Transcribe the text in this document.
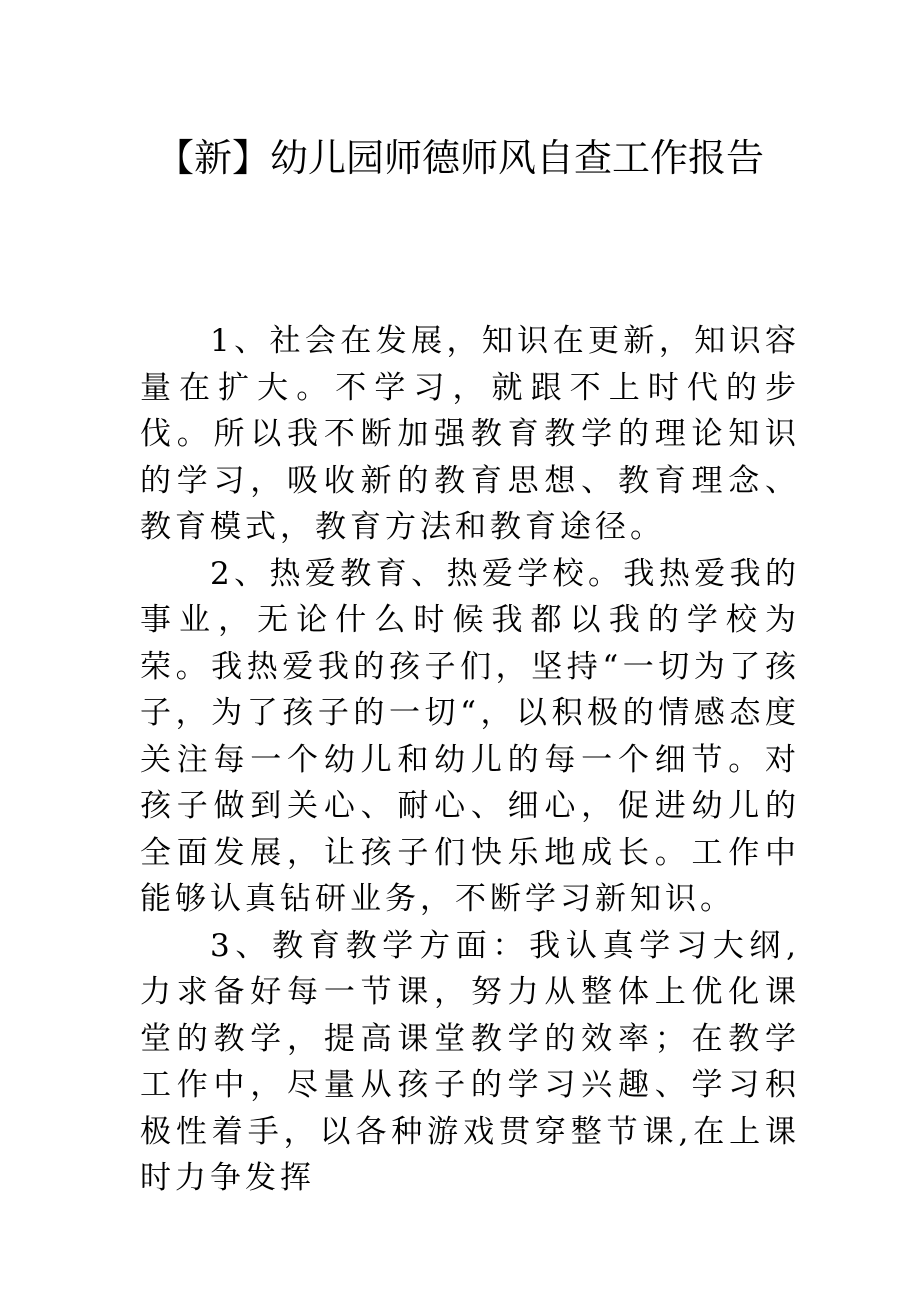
【新】幼儿园师德师风自查工作报告

1、社会在发展，知识在更新，知识容量在扩大。不学习，就跟不上时代的步伐。所以我不断加强教育教学的理论知识的学习，吸收新的教育思想、教育理念、教育模式，教育方法和教育途径。

2、热爱教育、热爱学校。我热爱我的事业，无论什么时候我都以我的学校为荣。我热爱我的孩子们，坚持“一切为了孩子，为了孩子的一切“，以积极的情感态度关注每一个幼儿和幼儿的每一个细节。对孩子做到关心、耐心、细心，促进幼儿的全面发展，让孩子们快乐地成长。工作中能够认真钻研业务，不断学习新知识。

3、教育教学方面：我认真学习大纲,力求备好每一节课，努力从整体上优化课堂的教学，提高课堂教学的效率；在教学工作中，尽量从孩子的学习兴趣、学习积极性着手，以各种游戏贯穿整节课,在上课时力争发挥
